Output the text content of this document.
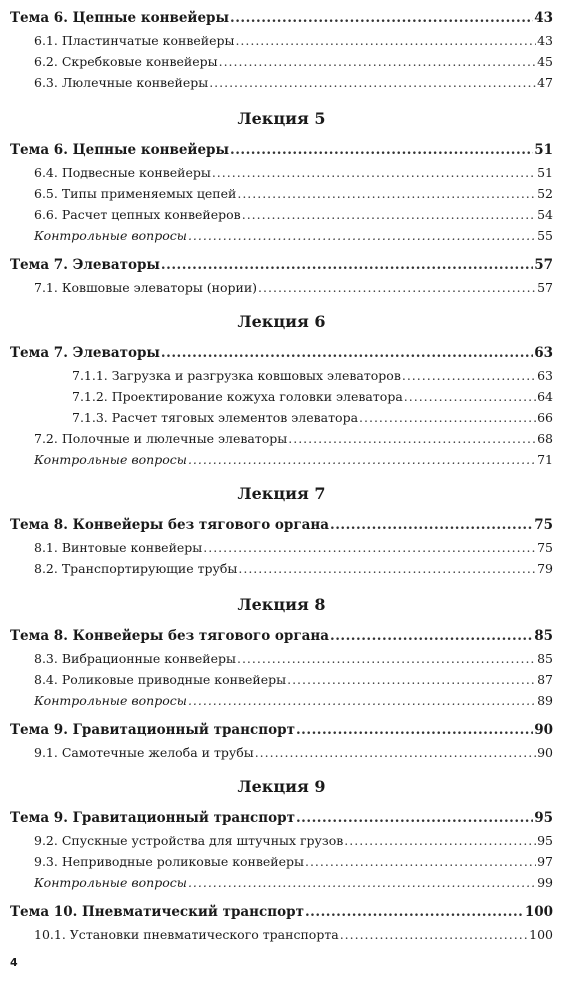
Тема 6. Цепные конвейеры .....	43
6.1. Пластинчатые конвейеры .....	43
6.2. Скребковые конвейеры .....	45
6.3. Люлечные конвейеры .....	47
Лекция 5
Тема 6. Цепные конвейеры .....	51
6.4. Подвесные конвейеры .....	51
6.5. Типы применяемых цепей .....	52
6.6. Расчет цепных конвейеров .....	54
Контрольные вопросы .....	55
Тема 7. Элеваторы .....	57
7.1. Ковшовые элеваторы (нории) .....	57
Лекция 6
Тема 7. Элеваторы .....	63
7.1.1. Загрузка и разгрузка ковшовых элеваторов .....	63
7.1.2. Проектирование кожуха головки элеватора .....	64
7.1.3. Расчет тяговых элементов элеватора .....	66
7.2. Полочные и люлечные элеваторы .....	68
Контрольные вопросы .....	71
Лекция 7
Тема 8. Конвейеры без тягового органа .....	75
8.1. Винтовые конвейеры .....	75
8.2. Транспортирующие трубы .....	79
Лекция 8
Тема 8. Конвейеры без тягового органа .....	85
8.3. Вибрационные конвейеры .....	85
8.4. Роликовые приводные конвейеры .....	87
Контрольные вопросы .....	89
Тема 9. Гравитационный транспорт .....	90
9.1. Самотечные желоба и трубы .....	90
Лекция 9
Тема 9. Гравитационный транспорт .....	95
9.2. Спускные устройства для штучных грузов .....	95
9.3. Неприводные роликовые конвейеры .....	97
Контрольные вопросы .....	99
Тема 10. Пневматический транспорт .....	100
10.1. Установки пневматического транспорта .....	100
4
